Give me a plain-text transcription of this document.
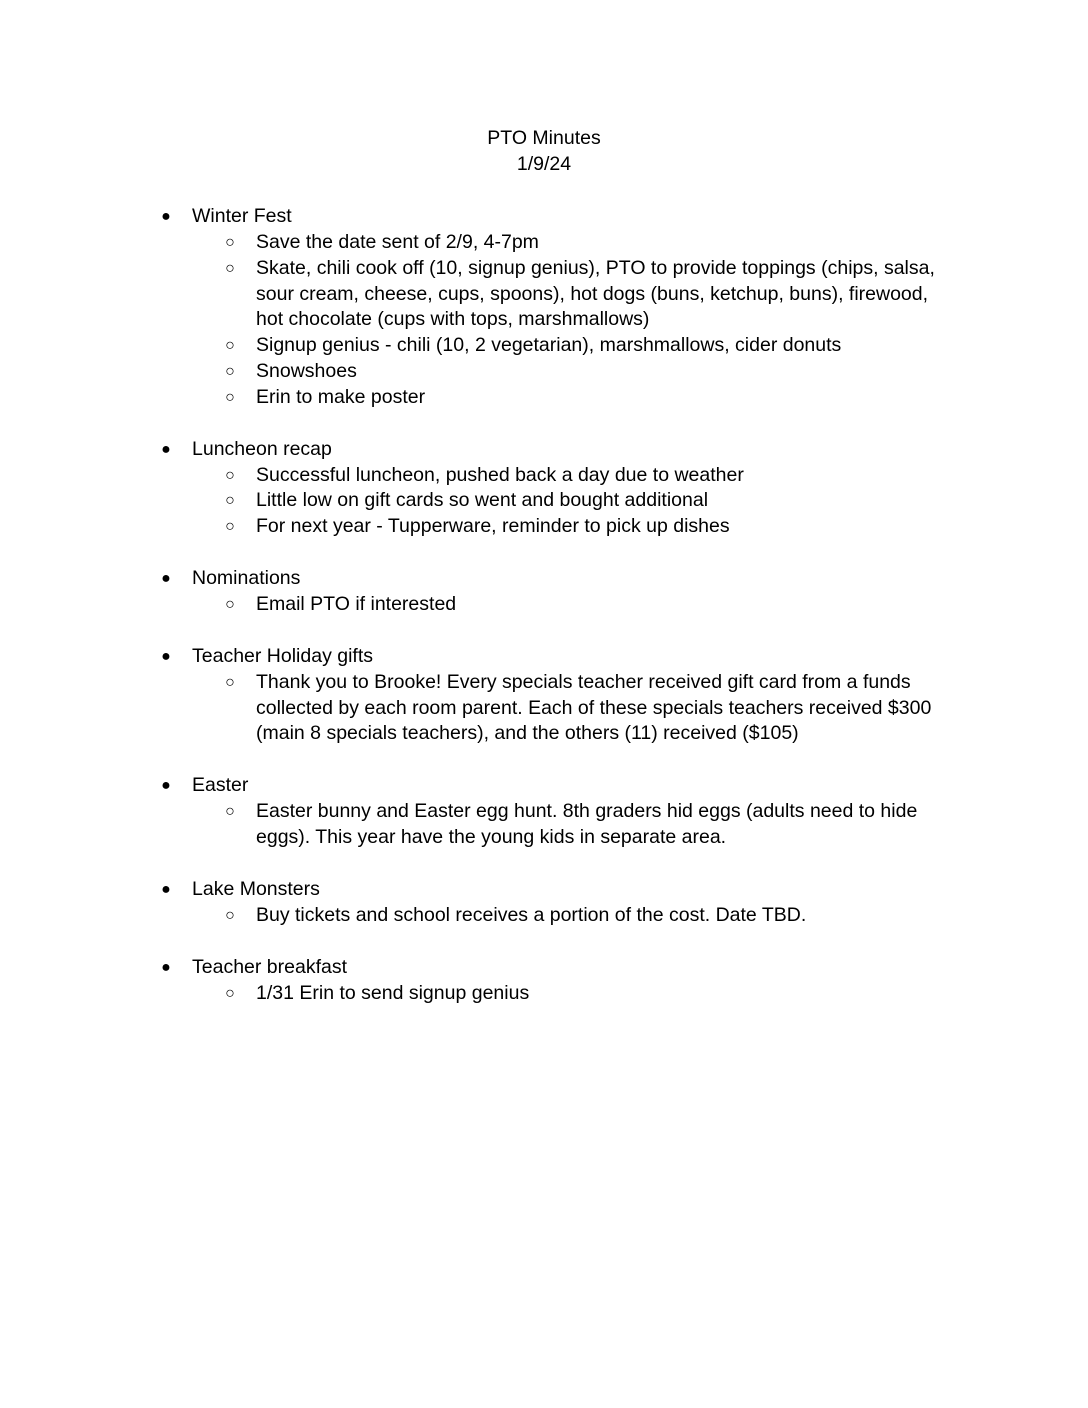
PTO Minutes
1/9/24
● Winter Fest
○ Save the date sent of 2/9, 4-7pm
○ Skate, chili cook off (10, signup genius), PTO to provide toppings (chips, salsa, sour cream, cheese, cups, spoons), hot dogs (buns, ketchup, buns), firewood, hot chocolate (cups with tops, marshmallows)
○ Signup genius - chili (10, 2 vegetarian), marshmallows, cider donuts
○ Snowshoes
○ Erin to make poster
● Luncheon recap
○ Successful luncheon, pushed back a day due to weather
○ Little low on gift cards so went and bought additional
○ For next year - Tupperware, reminder to pick up dishes
● Nominations
○ Email PTO if interested
● Teacher Holiday gifts
○ Thank you to Brooke! Every specials teacher received gift card from a funds collected by each room parent. Each of these specials teachers received $300 (main 8 specials teachers), and the others (11) received ($105)
● Easter
○ Easter bunny and Easter egg hunt. 8th graders hid eggs (adults need to hide eggs). This year have the young kids in separate area.
● Lake Monsters
○ Buy tickets and school receives a portion of the cost. Date TBD.
● Teacher breakfast
○ 1/31 Erin to send signup genius
